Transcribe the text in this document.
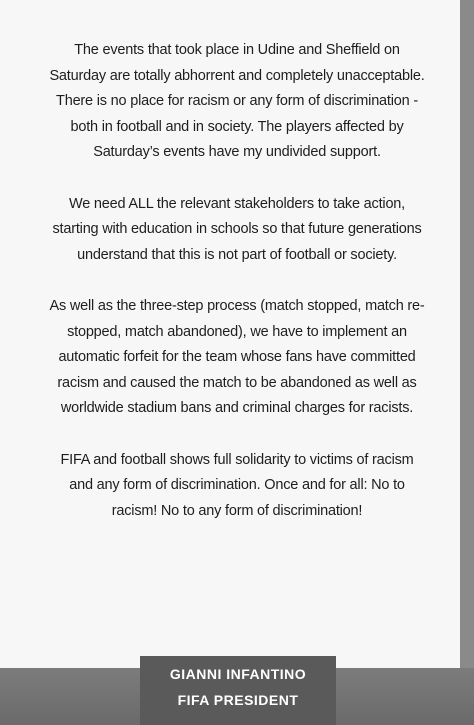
The events that took place in Udine and Sheffield on Saturday are totally abhorrent and completely unacceptable. There is no place for racism or any form of discrimination - both in football and in society. The players affected by Saturday’s events have my undivided support.

We need ALL the relevant stakeholders to take action, starting with education in schools so that future generations understand that this is not part of football or society.

As well as the three-step process (match stopped, match re-stopped, match abandoned), we have to implement an automatic forfeit for the team whose fans have committed racism and caused the match to be abandoned as well as worldwide stadium bans and criminal charges for racists.

FIFA and football shows full solidarity to victims of racism and any form of discrimination. Once and for all: No to racism! No to any form of discrimination!

GIANNI INFANTINO
FIFA PRESIDENT
